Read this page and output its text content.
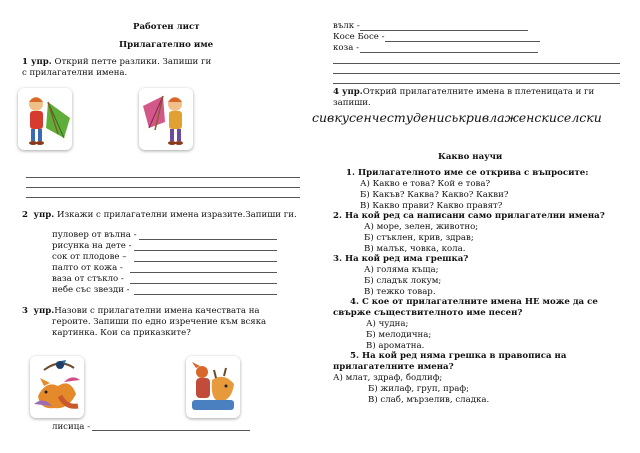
Работен лист
Прилагателно име
1 упр. Открий петте разлики. Запиши ги
с прилагателни имена.
2 упр. Изкажи с прилагателни имена изразите.Запиши ги.
пуловер от вълна -
рисунка на дете -
сок от плодове –
палто от кожа -
ваза от стъкло -
небе със звезди -
3 упр.Назови с прилагателни имена качествата на
героите. Запиши по едно изречение към всяка
картинка. Кои са приказките?
лисица -
вълк -
Косе Босе -
коза -
4 упр.Открий прилагателните имена в плетеницата и ги
запиши.
сивкусенчестудениськривлаженскиселски
Какво научи
1. Прилагателното име се открива с въпросите:
А) Какво е това? Кой е това?
Б) Какъв? Каква? Какво? Какви?
В) Какво прави? Какво правят?
2. На кой ред са написани само прилагателни имена?
А) море, зелен, животно;
Б) стъклен, крив, здрав;
В) малък, човка, кола.
3. На кой ред има грешка?
А) голяма къща;
Б) сладък локум;
В) тежко товар.
4. С кое от прилагателните имена НЕ може да се
свърже съществителното име песен?
А) чудна;
Б) мелодична;
В) ароматна.
5. На кой ред няма грешка в правописа на
прилагателните имена?
А) млат, здраф, бодлиф;
Б) жилаф, груп, праф;
В) слаб, мързелив, сладка.
